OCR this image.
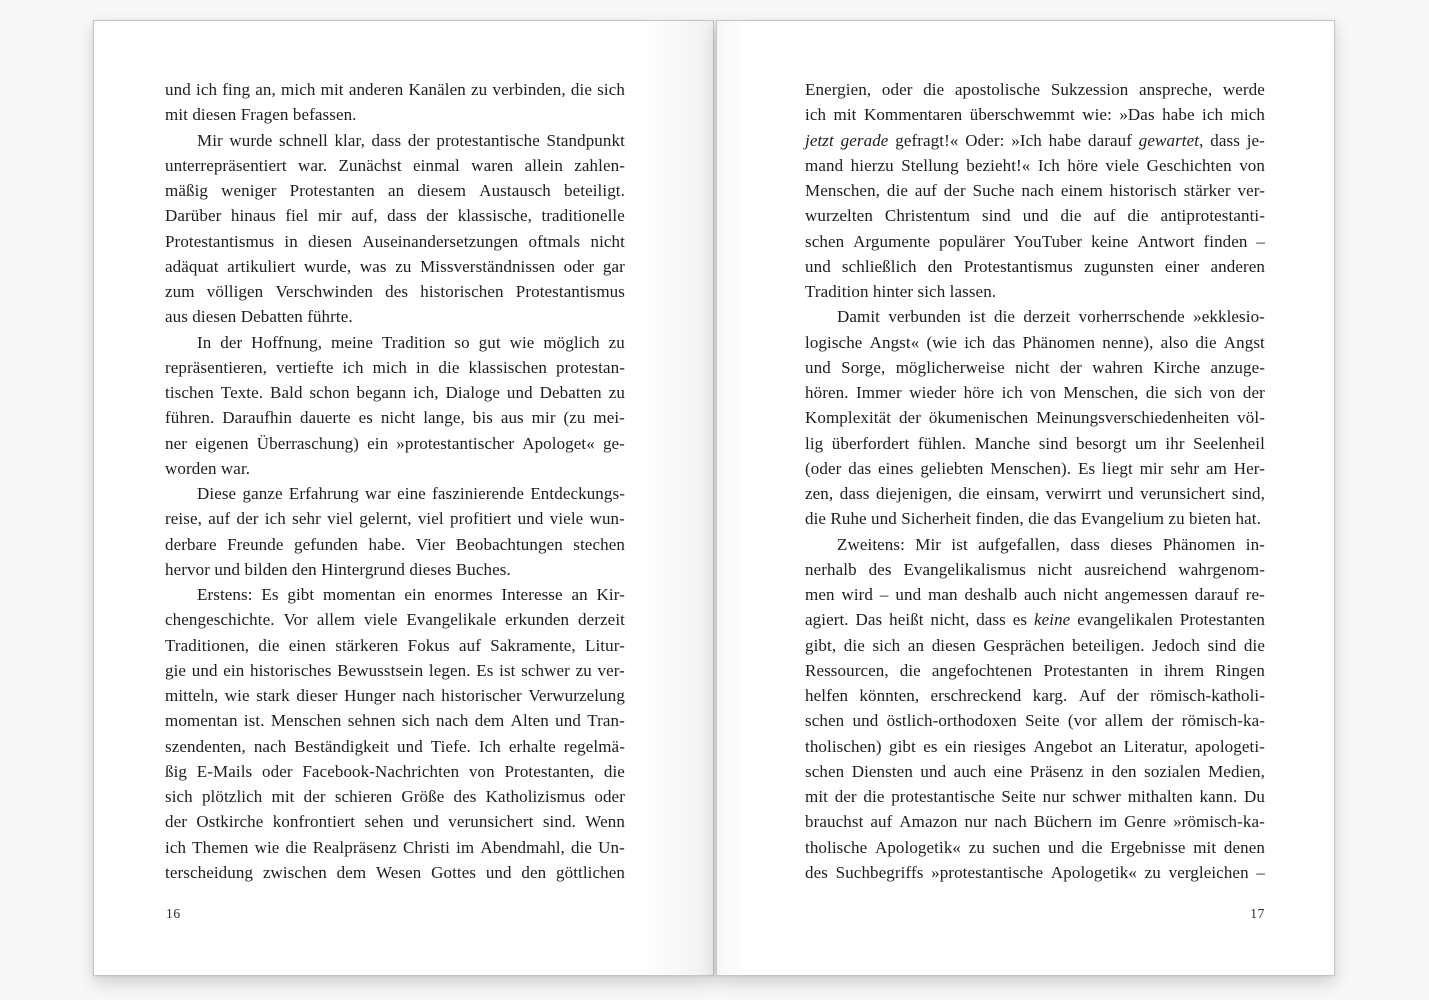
und ich fing an, mich mit anderen Kanälen zu verbinden, die sich
mit diesen Fragen befassen.
Mir wurde schnell klar, dass der protestantische Standpunkt
unterrepräsentiert war. Zunächst einmal waren allein zahlen-
mäßig weniger Protestanten an diesem Austausch beteiligt.
Darüber hinaus fiel mir auf, dass der klassische, traditionelle
Protestantismus in diesen Auseinandersetzungen oftmals nicht
adäquat artikuliert wurde, was zu Missverständnissen oder gar
zum völligen Verschwinden des historischen Protestantismus
aus diesen Debatten führte.
In der Hoffnung, meine Tradition so gut wie möglich zu
repräsentieren, vertiefte ich mich in die klassischen protestan-
tischen Texte. Bald schon begann ich, Dialoge und Debatten zu
führen. Daraufhin dauerte es nicht lange, bis aus mir (zu mei-
ner eigenen Überraschung) ein »protestantischer Apologet« ge-
worden war.
Diese ganze Erfahrung war eine faszinierende Entdeckungs-
reise, auf der ich sehr viel gelernt, viel profitiert und viele wun-
derbare Freunde gefunden habe. Vier Beobachtungen stechen
hervor und bilden den Hintergrund dieses Buches.
Erstens: Es gibt momentan ein enormes Interesse an Kir-
chengeschichte. Vor allem viele Evangelikale erkunden derzeit
Traditionen, die einen stärkeren Fokus auf Sakramente, Litur-
gie und ein historisches Bewusstsein legen. Es ist schwer zu ver-
mitteln, wie stark dieser Hunger nach historischer Verwurzelung
momentan ist. Menschen sehnen sich nach dem Alten und Tran-
szendenten, nach Beständigkeit und Tiefe. Ich erhalte regelmä-
ßig E-Mails oder Facebook-Nachrichten von Protestanten, die
sich plötzlich mit der schieren Größe des Katholizismus oder
der Ostkirche konfrontiert sehen und verunsichert sind. Wenn
ich Themen wie die Realpräsenz Christi im Abendmahl, die Un-
terscheidung zwischen dem Wesen Gottes und den göttlichen
16
Energien, oder die apostolische Sukzession anspreche, werde
ich mit Kommentaren überschwemmt wie: »Das habe ich mich
jetzt gerade gefragt!« Oder: »Ich habe darauf gewartet, dass je-
mand hierzu Stellung bezieht!« Ich höre viele Geschichten von
Menschen, die auf der Suche nach einem historisch stärker ver-
wurzelten Christentum sind und die auf die antiprotestanti-
schen Argumente populärer YouTuber keine Antwort finden –
und schließlich den Protestantismus zugunsten einer anderen
Tradition hinter sich lassen.
Damit verbunden ist die derzeit vorherrschende »ekklesio-
logische Angst« (wie ich das Phänomen nenne), also die Angst
und Sorge, möglicherweise nicht der wahren Kirche anzuge-
hören. Immer wieder höre ich von Menschen, die sich von der
Komplexität der ökumenischen Meinungsverschiedenheiten völ-
lig überfordert fühlen. Manche sind besorgt um ihr Seelenheil
(oder das eines geliebten Menschen). Es liegt mir sehr am Her-
zen, dass diejenigen, die einsam, verwirrt und verunsichert sind,
die Ruhe und Sicherheit finden, die das Evangelium zu bieten hat.
Zweitens: Mir ist aufgefallen, dass dieses Phänomen in-
nerhalb des Evangelikalismus nicht ausreichend wahrgenom-
men wird – und man deshalb auch nicht angemessen darauf re-
agiert. Das heißt nicht, dass es keine evangelikalen Protestanten
gibt, die sich an diesen Gesprächen beteiligen. Jedoch sind die
Ressourcen, die angefochtenen Protestanten in ihrem Ringen
helfen könnten, erschreckend karg. Auf der römisch-katholi-
schen und östlich-orthodoxen Seite (vor allem der römisch-ka-
tholischen) gibt es ein riesiges Angebot an Literatur, apologeti-
schen Diensten und auch eine Präsenz in den sozialen Medien,
mit der die protestantische Seite nur schwer mithalten kann. Du
brauchst auf Amazon nur nach Büchern im Genre »römisch-ka-
tholische Apologetik« zu suchen und die Ergebnisse mit denen
des Suchbegriffs »protestantische Apologetik« zu vergleichen –
17
